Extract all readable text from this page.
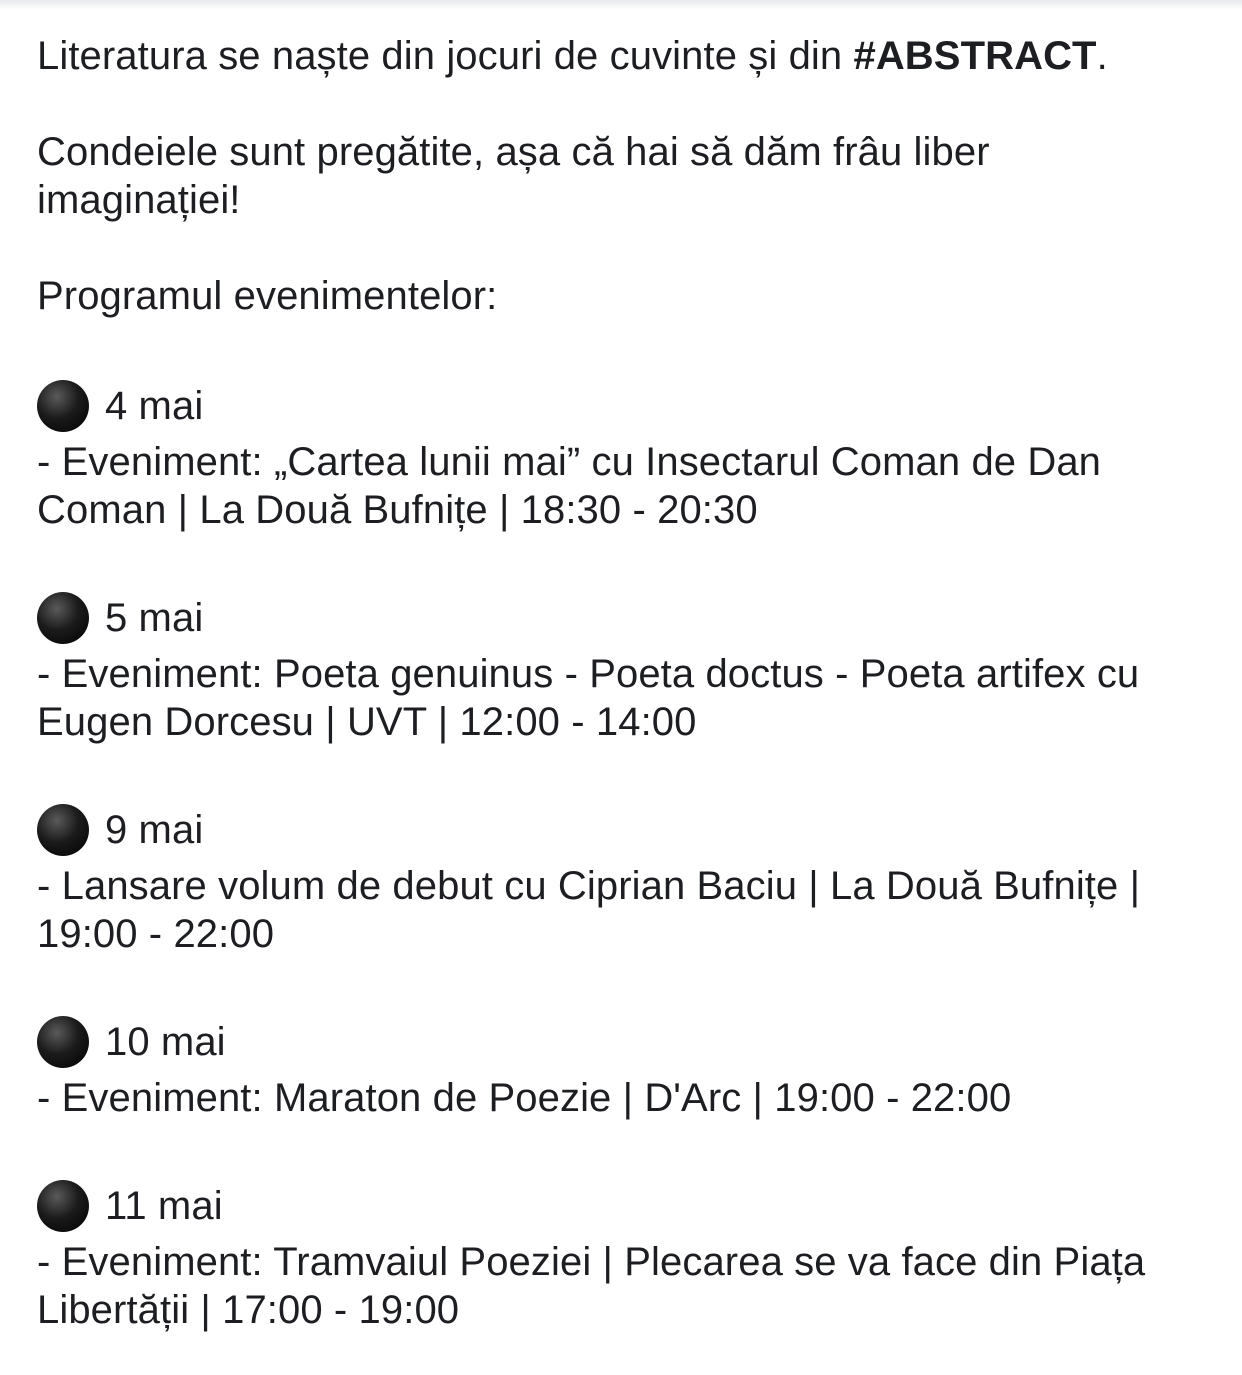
Literatura se naște din jocuri de cuvinte și din #ABSTRACT.

Condeiele sunt pregătite, așa că hai să dăm frâu liber imaginației!

Programul evenimentelor:

4 mai

- Eveniment: „Cartea lunii mai” cu Insectarul Coman de Dan Coman | La Două Bufnițe | 18:30 - 20:30

5 mai

- Eveniment: Poeta genuinus - Poeta doctus - Poeta artifex cu Eugen Dorcesu | UVT | 12:00 - 14:00

9 mai

- Lansare volum de debut cu Ciprian Baciu | La Două Bufnițe | 19:00 - 22:00

10 mai

- Eveniment: Maraton de Poezie | D'Arc | 19:00 - 22:00

11 mai

- Eveniment: Tramvaiul Poeziei | Plecarea se va face din Piața Libertății | 17:00 - 19:00
